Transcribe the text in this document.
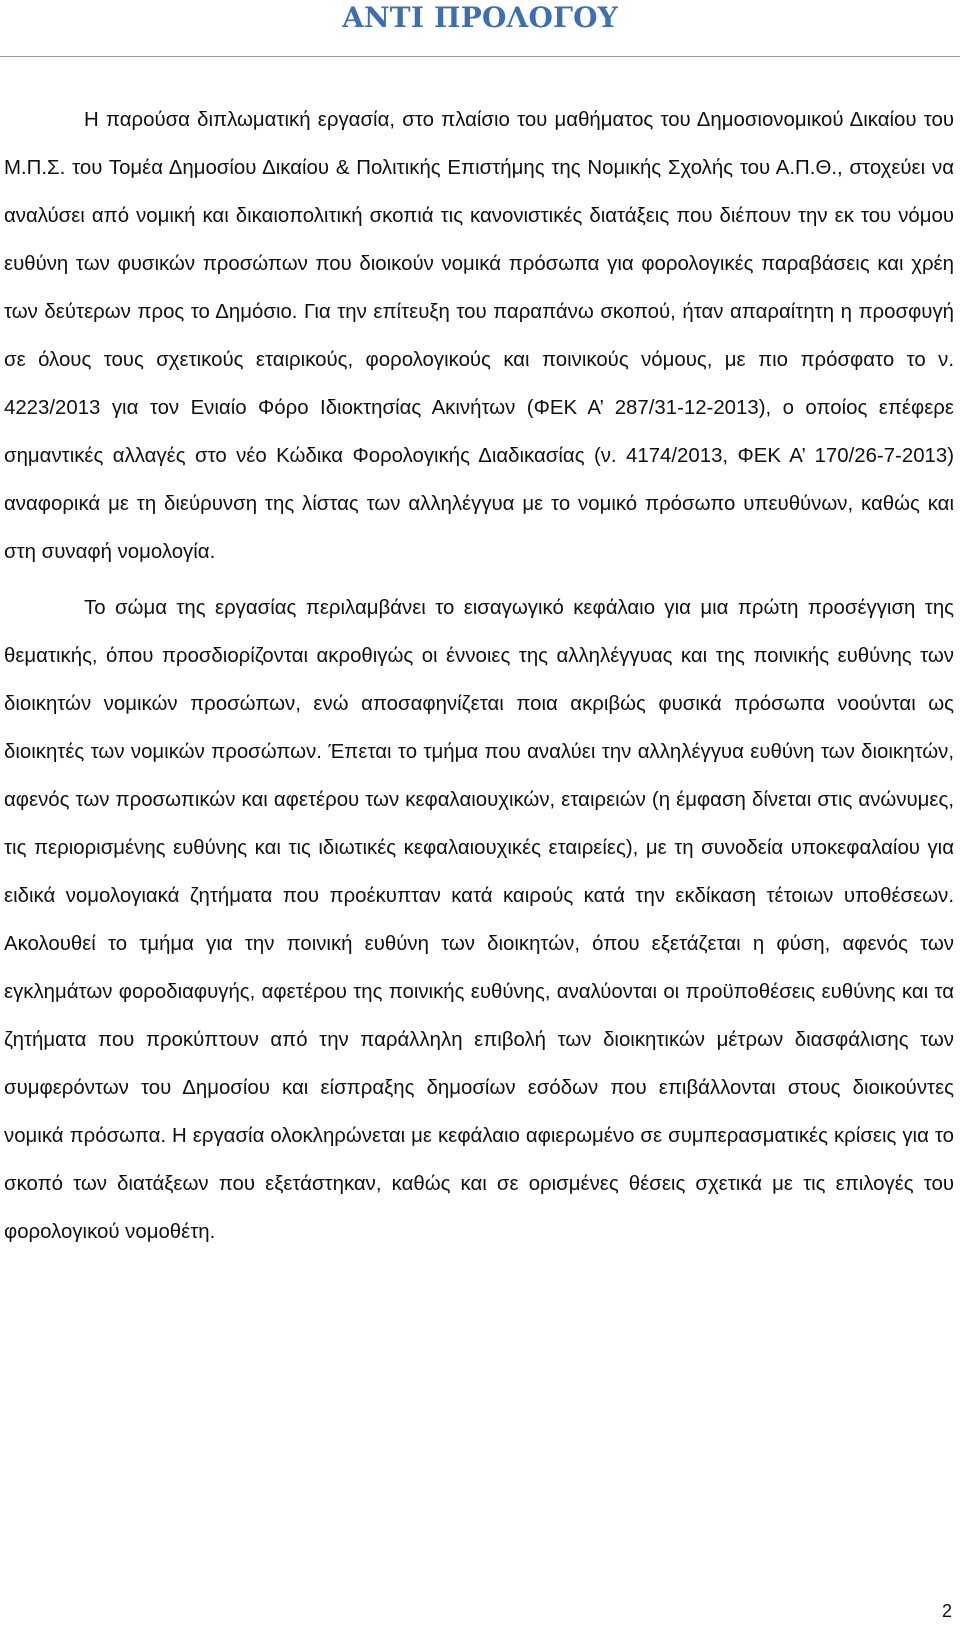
ΑΝΤΙ ΠΡΟΛΟΓΟΥ

Η παρούσα διπλωματική εργασία, στο πλαίσιο του μαθήματος του Δημοσιονομικού Δικαίου του Μ.Π.Σ. του Τομέα Δημοσίου Δικαίου & Πολιτικής Επιστήμης της Νομικής Σχολής του Α.Π.Θ., στοχεύει να αναλύσει από νομική και δικαιοπολιτική σκοπιά τις κανονιστικές διατάξεις που διέπουν την εκ του νόμου ευθύνη των φυσικών προσώπων που διοικούν νομικά πρόσωπα για φορολογικές παραβάσεις και χρέη των δεύτερων προς το Δημόσιο. Για την επίτευξη του παραπάνω σκοπού, ήταν απαραίτητη η προσφυγή σε όλους τους σχετικούς εταιρικούς, φορολογικούς και ποινικούς νόμους, με πιο πρόσφατο το ν. 4223/2013 για τον Ενιαίο Φόρο Ιδιοκτησίας Ακινήτων (ΦΕΚ Α’ 287/31-12-2013), ο οποίος επέφερε σημαντικές αλλαγές στο νέο Κώδικα Φορολογικής Διαδικασίας (ν. 4174/2013, ΦΕΚ Α’ 170/26-7-2013) αναφορικά με τη διεύρυνση της λίστας των αλληλέγγυα με το νομικό πρόσωπο υπευθύνων, καθώς και στη συναφή νομολογία.

Το σώμα της εργασίας περιλαμβάνει το εισαγωγικό κεφάλαιο για μια πρώτη προσέγγιση της θεματικής, όπου προσδιορίζονται ακροθιγώς οι έννοιες της αλληλέγγυας και της ποινικής ευθύνης των διοικητών νομικών προσώπων, ενώ αποσαφηνίζεται ποια ακριβώς φυσικά πρόσωπα νοούνται ως διοικητές των νομικών προσώπων. Έπεται το τμήμα που αναλύει την αλληλέγγυα ευθύνη των διοικητών, αφενός των προσωπικών και αφετέρου των κεφαλαιουχικών, εταιρειών (η έμφαση δίνεται στις ανώνυμες, τις περιορισμένης ευθύνης και τις ιδιωτικές κεφαλαιουχικές εταιρείες), με τη συνοδεία υποκεφαλαίου για ειδικά νομολογιακά ζητήματα που προέκυπταν κατά καιρούς κατά την εκδίκαση τέτοιων υποθέσεων. Ακολουθεί το τμήμα για την ποινική ευθύνη των διοικητών, όπου εξετάζεται η φύση, αφενός των εγκλημάτων φοροδιαφυγής, αφετέρου της ποινικής ευθύνης, αναλύονται οι προϋποθέσεις ευθύνης και τα ζητήματα που προκύπτουν από την παράλληλη επιβολή των διοικητικών μέτρων διασφάλισης των συμφερόντων του Δημοσίου και είσπραξης δημοσίων εσόδων που επιβάλλονται στους διοικούντες νομικά πρόσωπα. Η εργασία ολοκληρώνεται με κεφάλαιο αφιερωμένο σε συμπερασματικές κρίσεις για το σκοπό των διατάξεων που εξετάστηκαν, καθώς και σε ορισμένες θέσεις σχετικά με τις επιλογές του φορολογικού νομοθέτη.

2
